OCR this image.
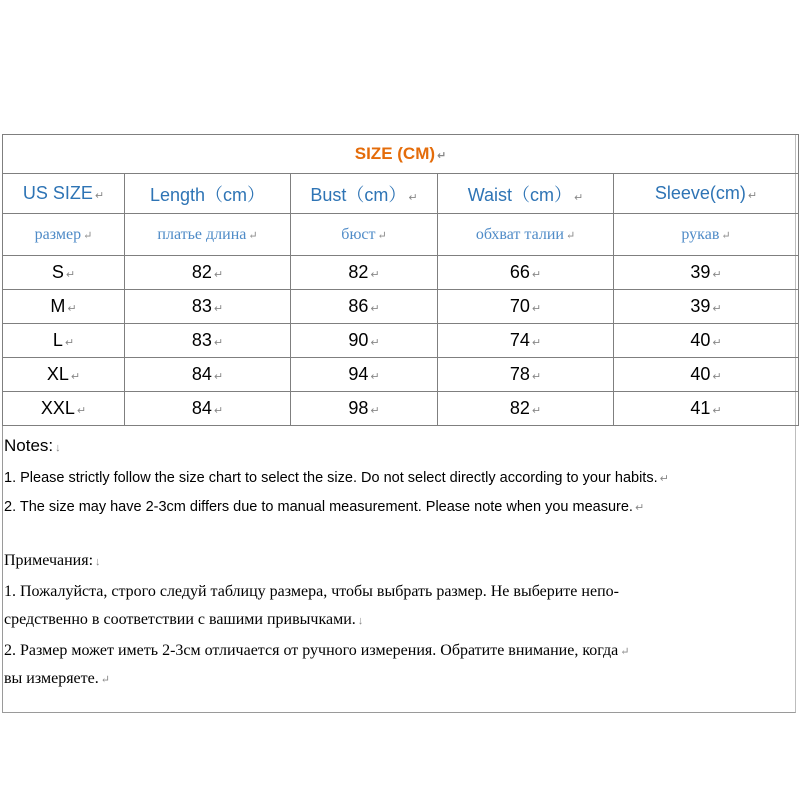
SIZE (CM) ↵				
US SIZE ↵	Length（cm）	Bust（cm） ↵	Waist（cm） ↵	Sleeve(cm) ↵
размер ↵	платье длина ↵	бюст ↵	обхват талии ↵	рукав ↵
S ↵	82 ↵	82 ↵	66 ↵	39 ↵
M ↵	83 ↵	86 ↵	70 ↵	39 ↵
L ↵	83 ↵	90 ↵	74 ↵	40 ↵
XL ↵	84 ↵	94 ↵	78 ↵	40 ↵
XXL ↵	84 ↵	98 ↵	82 ↵	41 ↵
Notes: ↓
1. Please strictly follow the size chart to select the size. Do not select directly according to your habits. ↵
2. The size may have 2-3cm differs due to manual measurement. Please note when you measure. ↵
Примечания: ↓
1. Пожалуйста, строго следуй таблицу размера, чтобы выбрать размер. Не выберите непо-
средственно в соответствии с вашими привычками. ↓
2. Размер может иметь 2-3см отличается от ручного измерения. Обратите внимание, когда ↵
вы измеряете. ↵
